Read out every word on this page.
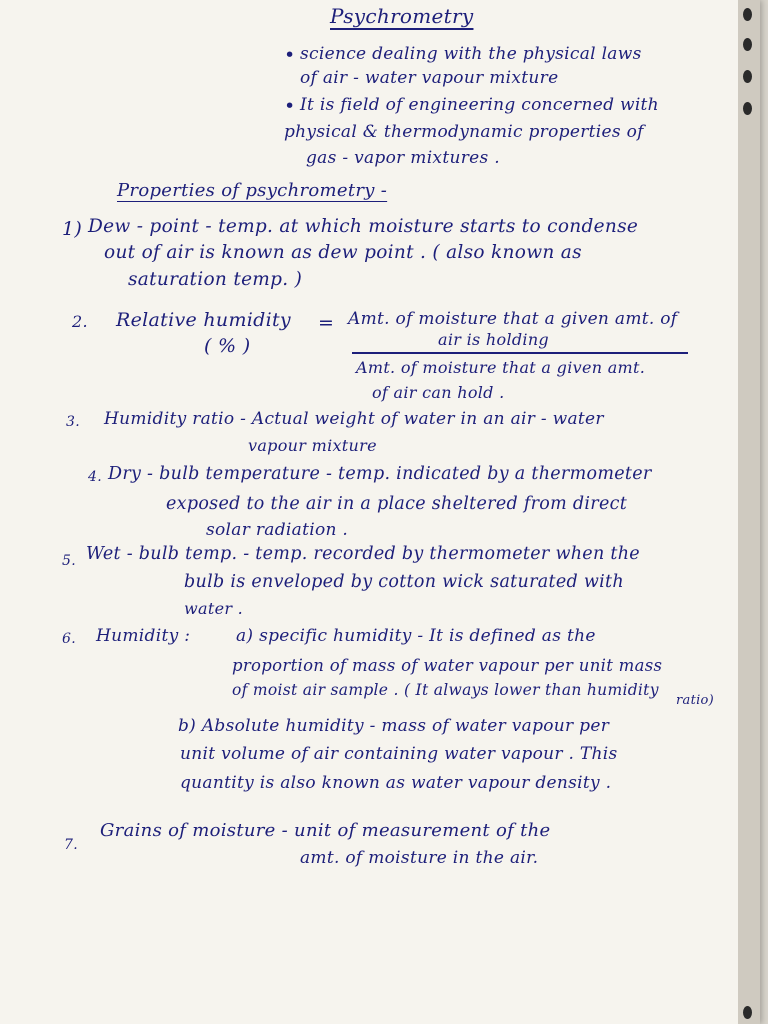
Psychrometry
• science dealing with the physical laws
of air - water vapour mixture
• It is field of engineering concerned with
physical & thermodynamic properties of
gas - vapor mixtures .
Properties of psychrometry -
1) Dew - point - temp. at which moisture starts to condense
out of air is known as dew point . ( also known as
saturation temp. )
2. Relative humidity
( % )
= Amt. of moisture that a given amt. of
air is holding
Amt. of moisture that a given amt.
of air can hold .
3. Humidity ratio - Actual weight of water in an air - water
vapour mixture
4. Dry - bulb temperature - temp. indicated by a thermometer
exposed to the air in a place sheltered from direct
solar radiation .
5. Wet - bulb temp. - temp. recorded by thermometer when the
bulb is enveloped by cotton wick saturated with
water .
6. Humidity :	a) specific humidity - It is defined as the
proportion of mass of water vapour per unit mass
of moist air sample . ( It always lower than humidity
ratio)
b) Absolute humidity - mass of water vapour per
unit volume of air containing water vapour . This
quantity is also known as water vapour density .
7.
Grains of moisture - unit of measurement of the
amt. of moisture in the air.
